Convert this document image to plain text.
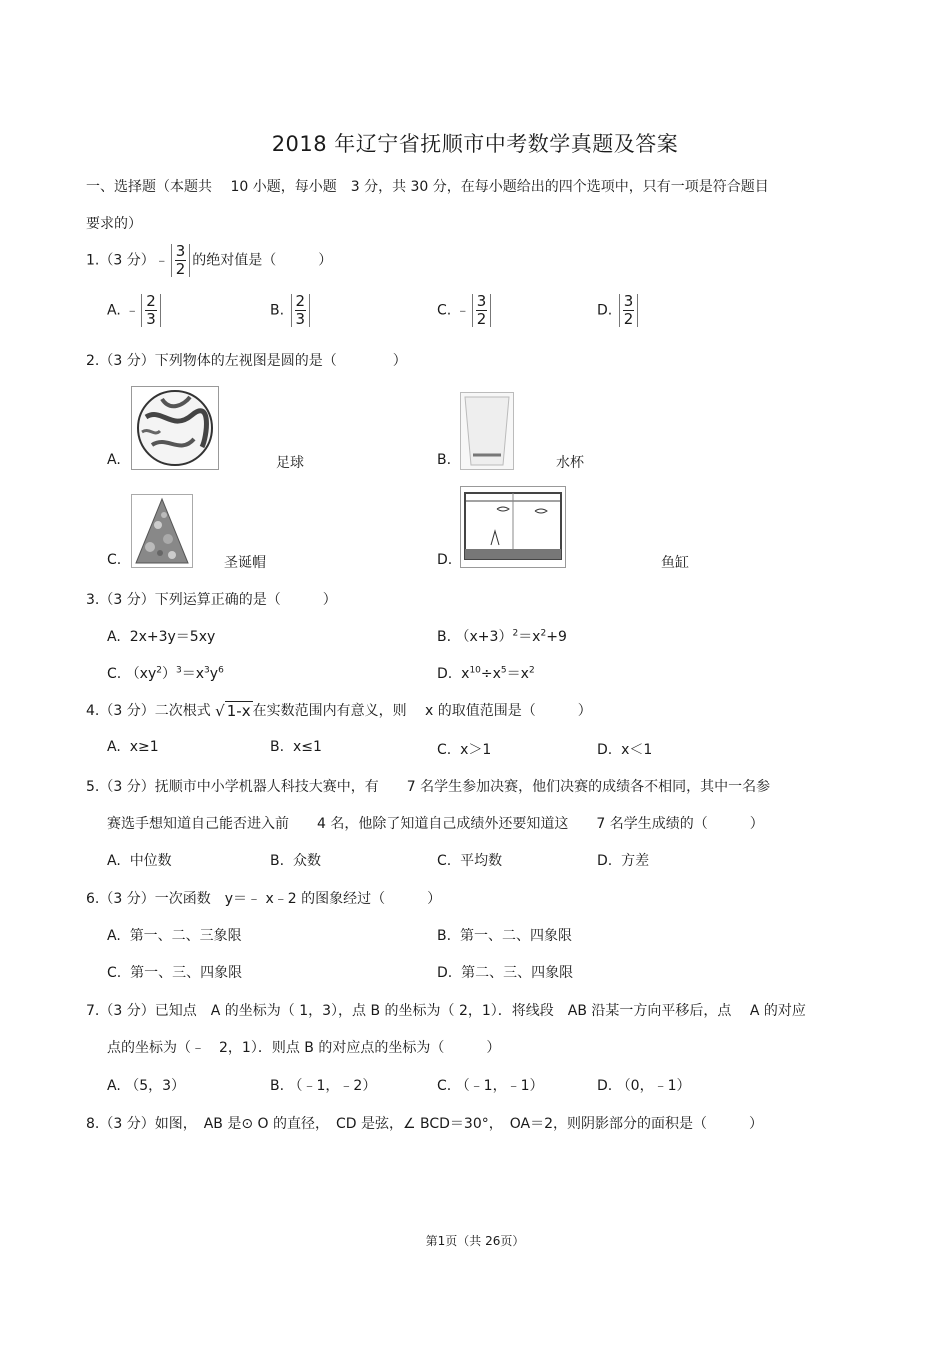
2018 年辽宁省抚顺市中考数学真题及答案
一、选择题（本题共　 10 小题，每小题　3 分，共 30 分，在每小题给出的四个选项中，只有一项是符合题目
要求的）
1.（3 分）﹣ $\frac{3}{2}$ 的绝对值是（　　　）
A. ﹣ $\frac{2}{3}$	B. $\frac{2}{3}$	C. ﹣ $\frac{3}{2}$	D. $\frac{3}{2}$
2.（3 分）下列物体的左视图是圆的是（　　　　）
A.	足球	B.	水杯
C.	圣诞帽	D.	鱼缸
3.（3 分）下列运算正确的是（　　　）
A. 2x+3y＝5xy	B. $(x+3)^2=x^2+9$
C. $(xy^2)^3=x^3y^6$	D. $x^{10}\div x^5=x^2$
4.（3 分）二次根式 √ 1-x 在实数范围内有意义，则　 x 的取值范围是（　　　）
A. x≥1	B. x≤1	C. x＞1	D. x＜1
5.（3 分）抚顺市中小学机器人科技大赛中，有　　7 名学生参加决赛，他们决赛的成绩各不相同，其中一名参
赛选手想知道自己能否进入前　　4 名，他除了知道自己成绩外还要知道这　　7 名学生成绩的（　　　）
A. 中位数	B. 众数	C. 平均数	D. 方差
6.（3 分）一次函数　y＝﹣ x﹣2 的图象经过（　　　）
A. 第一、二、三象限	B. 第一、二、四象限
C. 第一、三、四象限	D. 第二、三、四象限
7.（3 分）已知点　A 的坐标为（ 1，3），点 B 的坐标为（ 2，1）．将线段　AB 沿某一方向平移后，点　 A 的对应
点的坐标为（﹣　2，1）．则点 B 的对应点的坐标为（　　　）
A. （5，3）	B. （﹣1，﹣2）	C. （﹣1，﹣1）	D. （0，﹣1）
8.（3 分）如图，　AB 是⊙ O 的直径，　CD 是弦，∠ BCD＝30°，　OA＝2，则阴影部分的面积是（　　　）
第1页（共 26页）
